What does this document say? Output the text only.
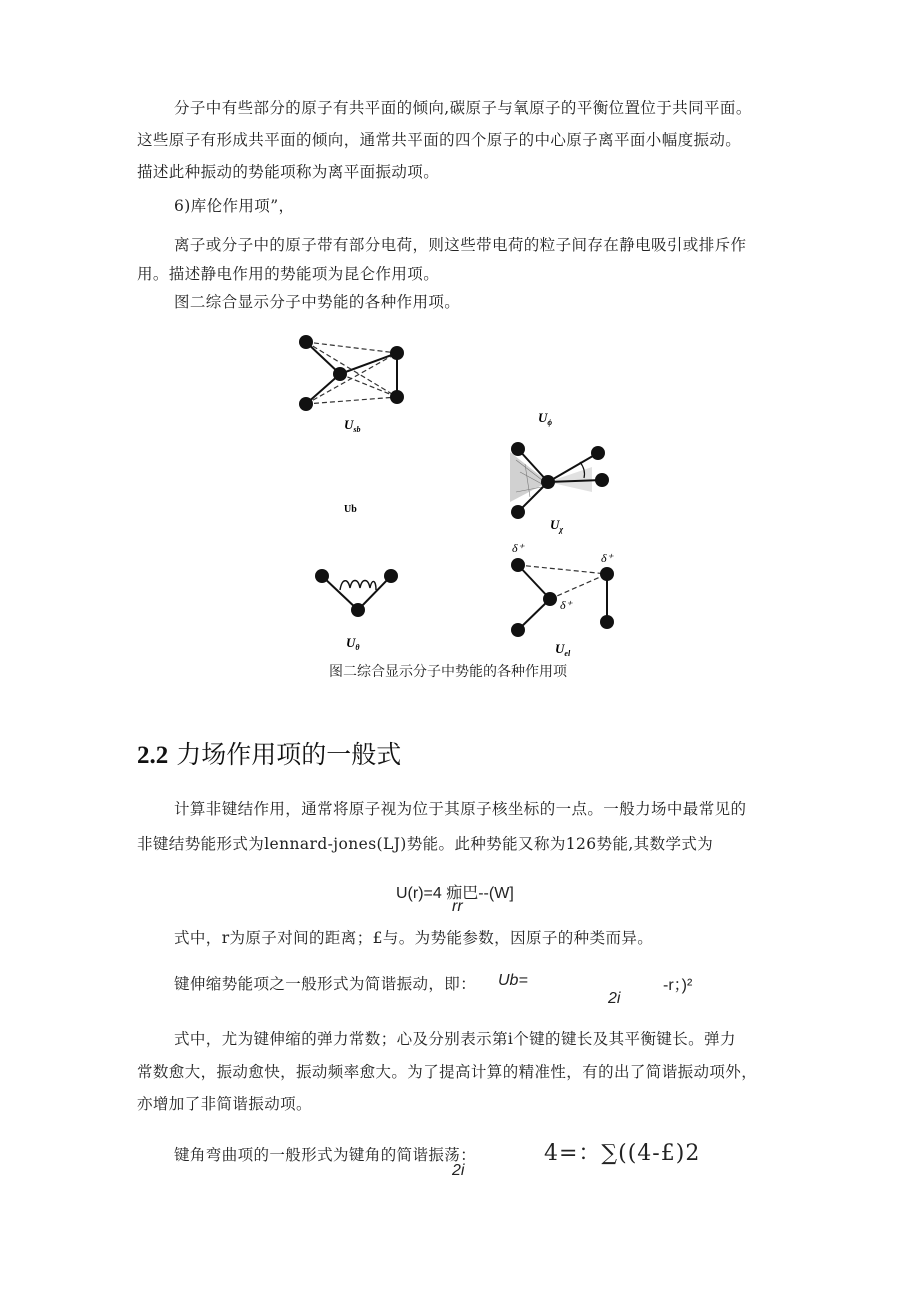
分子中有些部分的原子有共平面的倾向,碳原子与氧原子的平衡位置位于共同平面。
这些原子有形成共平面的倾向，通常共平面的四个原子的中心原子离平面小幅度振动。
描述此种振动的势能项称为离平面振动项。
6)库伦作用项”，
离子或分子中的原子带有部分电荷，则这些带电荷的粒子间存在静电吸引或排斥作
用。描述静电作用的势能项为昆仑作用项。
图二综合显示分子中势能的各种作用项。
$U_{sb}$
Ub
$U_\phi$
$U_\chi$
$U_\theta$
δ⁺
δ⁺
δ⁺
$U_{el}$
图二综合显示分子中势能的各种作用项
2.2 力场作用项的一般式
计算非键结作用，通常将原子视为位于其原子核坐标的一点。一般力场中最常见的
非键结势能形式为lennard-jones(LJ)势能。此种势能又称为126势能,其数学式为
U(r)=4 痂巴--(W]
rr
式中，r为原子对间的距离；£与。为势能参数，因原子的种类而异。
键伸缩势能项之一般形式为简谐振动，即： Ub=	-r；)²
2i
式中，尤为键伸缩的弹力常数；心及分别表示第i个键的键长及其平衡键长。弹力
常数愈大，振动愈快，振动频率愈大。为了提高计算的精准性，有的出了简谐振动项外，
亦增加了非简谐振动项。
键角弯曲项的一般形式为键角的简谐振荡：	4=：∑((4-£)2
2i
